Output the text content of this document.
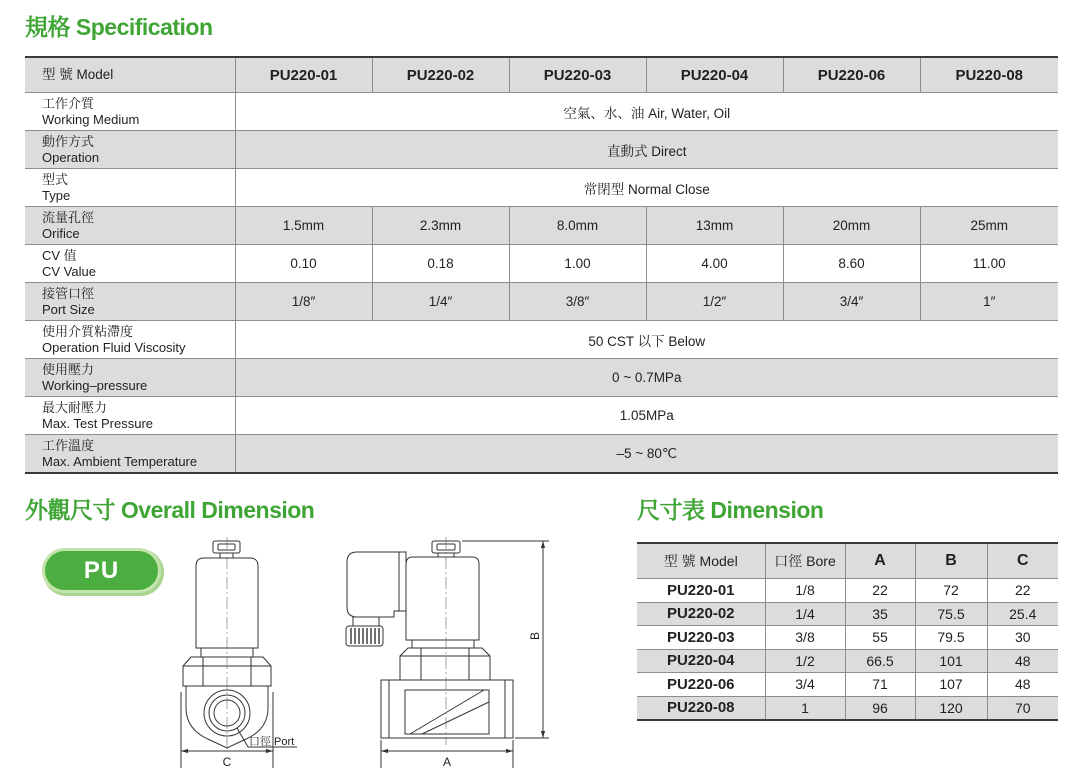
規格 Specification
型 號 Model	PU220-01	PU220-02	PU220-03	PU220-04	PU220-06	PU220-08

工作介質
Working Medium	空氣、水、油 Air, Water, Oil					

動作方式
Operation	直動式 Direct					

型式
Type	常閉型 Normal Close					

流量孔徑
Orifice	1.5mm	2.3mm	8.0mm	13mm	20mm	25mm

CV 值
CV Value	0.10	0.18	1.00	4.00	8.60	11.00

接管口徑
Port Size	1/8″	1/4″	3/8″	1/2″	3/4″	1″

使用介質粘滯度
Operation Fluid Viscosity	50 CST 以下 Below					

使用壓力
Working–pressure	0 ~ 0.7MPa					

最大耐壓力
Max. Test Pressure	1.05MPa					

工作溫度
Max. Ambient Temperature	–5 ~ 80℃					
外觀尺寸 Overall Dimension	尺寸表 Dimension
PU
C
口徑 Port
A
B
型 號 Model	口徑 Bore	A	B	C
PU220-01	1/8	22	72	22
PU220-02	1/4	35	75.5	25.4
PU220-03	3/8	55	79.5	30
PU220-04	1/2	66.5	101	48
PU220-06	3/4	71	107	48
PU220-08	1	96	120	70
